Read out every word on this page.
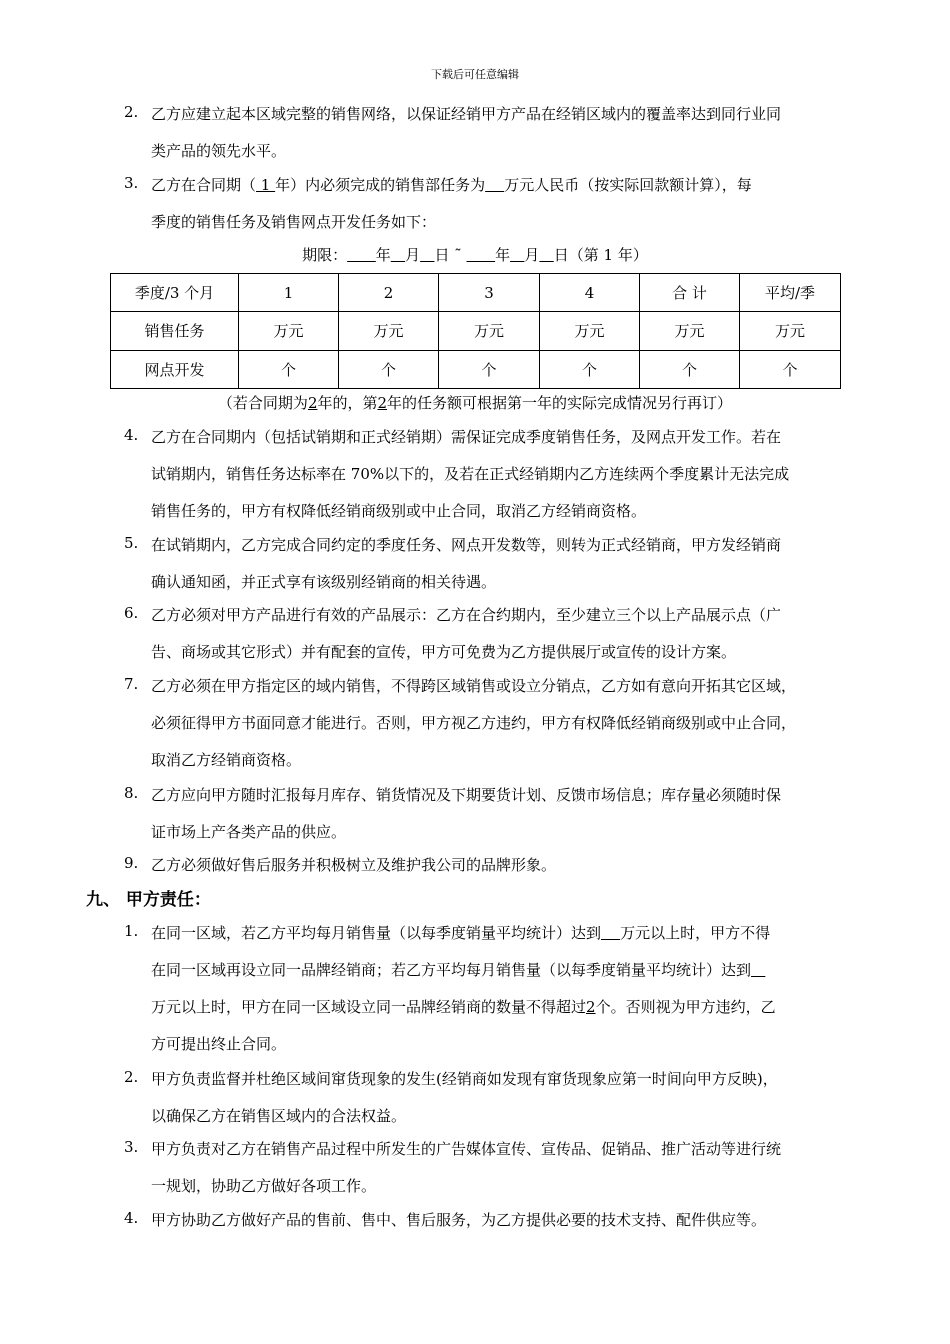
下载后可任意编辑
2. 乙方应建立起本区域完整的销售网络，以保证经销甲方产品在经销区域内的覆盖率达到同行业同
类产品的领先水平。
3. 乙方在合同期（ 1 年）内必须完成的销售部任务为 万元人民币（按实际回款额计算），每
季度的销售任务及销售网点开发任务如下：
期限： 年 月 日 ˜       年 月 日（第 1 年）
季度/3 个月	1	2	3	4	合 计	平均/季
销售任务	万元	万元	万元	万元	万元	万元
网点开发	个	个	个	个	个	个
（若合同期为2年的，第2年的任务额可根据第一年的实际完成情况另行再订）
4. 乙方在合同期内（包括试销期和正式经销期）需保证完成季度销售任务，及网点开发工作。若在
试销期内，销售任务达标率在 70%以下的，及若在正式经销期内乙方连续两个季度累计无法完成
销售任务的，甲方有权降低经销商级别或中止合同，取消乙方经销商资格。
5. 在试销期内，乙方完成合同约定的季度任务、网点开发数等，则转为正式经销商，甲方发经销商
确认通知函，并正式享有该级别经销商的相关待遇。
6. 乙方必须对甲方产品进行有效的产品展示：乙方在合约期内，至少建立三个以上产品展示点（广
告、商场或其它形式）并有配套的宣传，甲方可免费为乙方提供展厅或宣传的设计方案。
7. 乙方必须在甲方指定区的域内销售，不得跨区域销售或设立分销点，乙方如有意向开拓其它区域，
必须征得甲方书面同意才能进行。否则，甲方视乙方违约，甲方有权降低经销商级别或中止合同，
取消乙方经销商资格。
8. 乙方应向甲方随时汇报每月库存、销货情况及下期要货计划、反馈市场信息；库存量必须随时保
证市场上产各类产品的供应。
9. 乙方必须做好售后服务并积极树立及维护我公司的品牌形象。
九、 甲方责任：
1. 在同一区域，若乙方平均每月销售量（以每季度销量平均统计）达到 万元以上时，甲方不得
在同一区域再设立同一品牌经销商；若乙方平均每月销售量（以每季度销量平均统计）达到
万元以上时，甲方在同一区域设立同一品牌经销商的数量不得超过2个。否则视为甲方违约，乙
方可提出终止合同。
2. 甲方负责监督并杜绝区域间窜货现象的发生(经销商如发现有窜货现象应第一时间向甲方反映)，
以确保乙方在销售区域内的合法权益。
3. 甲方负责对乙方在销售产品过程中所发生的广告媒体宣传、宣传品、促销品、推广活动等进行统
一规划，协助乙方做好各项工作。
4. 甲方协助乙方做好产品的售前、售中、售后服务，为乙方提供必要的技术支持、配件供应等。
